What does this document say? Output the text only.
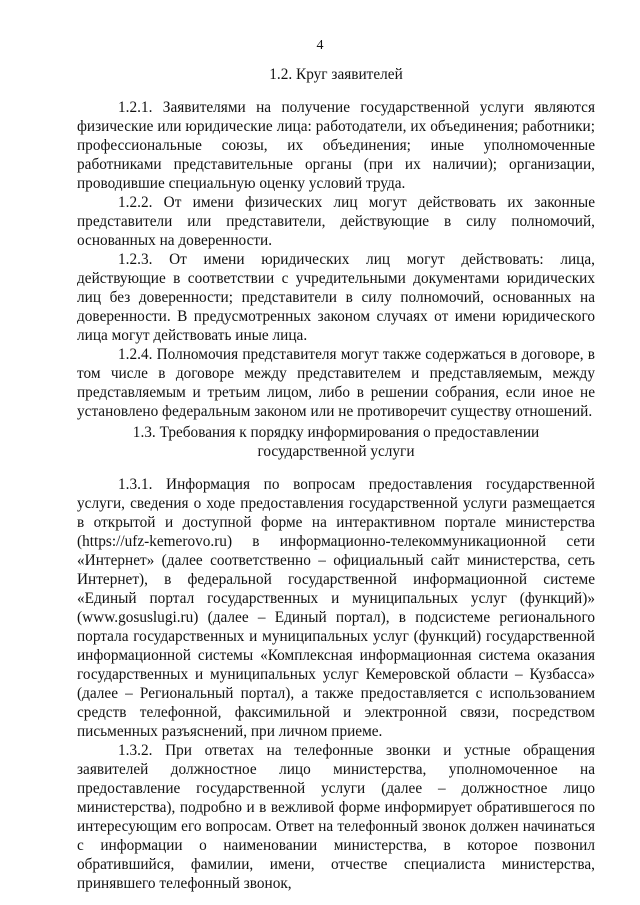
4

1.2. Круг заявителей

1.2.1. Заявителями на получение государственной услуги являются физические или юридические лица: работодатели, их объединения; работники; профессиональные союзы, их объединения; иные уполномоченные работниками представительные органы (при их наличии); организации, проводившие специальную оценку условий труда.

1.2.2. От имени физических лиц могут действовать их законные представители или представители, действующие в силу полномочий, основанных на доверенности.

1.2.3. От имени юридических лиц могут действовать: лица, действующие в соответствии с учредительными документами юридических лиц без доверенности; представители в силу полномочий, основанных на доверенности. В предусмотренных законом случаях от имени юридического лица могут действовать иные лица.

1.2.4. Полномочия представителя могут также содержаться в договоре, в том числе в договоре между представителем и представляемым, между представляемым и третьим лицом, либо в решении собрания, если иное не установлено федеральным законом или не противоречит существу отношений.

1.3. Требования к порядку информирования о предоставлении

государственной услуги

1.3.1. Информация по вопросам предоставления государственной услуги, сведения о ходе предоставления государственной услуги размещается в открытой и доступной форме на интерактивном портале министерства (https://ufz-kemerovo.ru) в информационно-телекоммуникационной сети «Интернет» (далее соответственно – официальный сайт министерства, сеть Интернет), в федеральной государственной информационной системе «Единый портал государственных и муниципальных услуг (функций)» (www.gosuslugi.ru) (далее – Единый портал), в подсистеме регионального портала государственных и муниципальных услуг (функций) государственной информационной системы «Комплексная информационная система оказания государственных и муниципальных услуг Кемеровской области – Кузбасса» (далее – Региональный портал), а также предоставляется с использованием средств телефонной, факсимильной и электронной связи, посредством письменных разъяснений, при личном приеме.

1.3.2. При ответах на телефонные звонки и устные обращения заявителей должностное лицо министерства, уполномоченное на предоставление государственной услуги (далее – должностное лицо министерства), подробно и в вежливой форме информирует обратившегося по интересующим его вопросам. Ответ на телефонный звонок должен начинаться с информации о наименовании министерства, в которое позвонил обратившийся, фамилии, имени, отчестве специалиста министерства, принявшего телефонный звонок,
